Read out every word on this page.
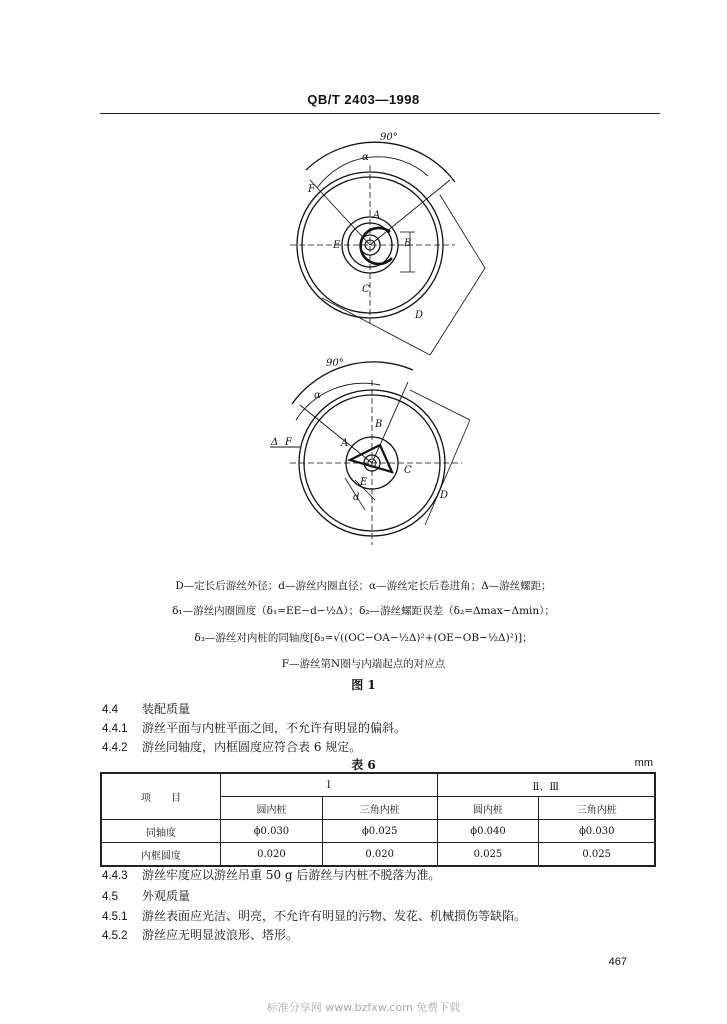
QB/T 2403—1998
90°
α
F
A
B
C
E
D
90°
α
Δ F	A
B
C
E
d	D
D—定长后游丝外径；d—游丝内圈直径；α—游丝定长后卷进角；Δ—游丝螺距；
δ₁—游丝内圈圆度（δ₁=EE−d−½Δ）；δ₂—游丝螺距误差（δ₂=Δmax−Δmin）；
δ₃—游丝对内桩的同轴度[δ₃=√((OC−OA−½Δ)²+(OE−OB−½Δ)²)]；
F—游丝第N圈与内端起点的对应点
图 1
4.4 装配质量
4.4.1 游丝平面与内桩平面之间，不允许有明显的偏斜。
4.4.2 游丝同轴度，内框圆度应符合表 6 规定。
表 6	mm
项　　目	I		Ⅱ、Ⅲ	
	圆内桩	三角内桩	圆内桩	三角内桩
同轴度	ϕ0.030	ϕ0.025	ϕ0.040	ϕ0.030
内框圆度	0.020	0.020	0.025	0.025
4.4.3 游丝牢度应以游丝吊重 50 g 后游丝与内桩不脱落为准。
4.5 外观质量
4.5.1 游丝表面应光洁、明亮，不允许有明显的污物、发花、机械损伤等缺陷。
4.5.2 游丝应无明显波浪形、塔形。
467
标准分享网 www.bzfxw.com 免费下载
